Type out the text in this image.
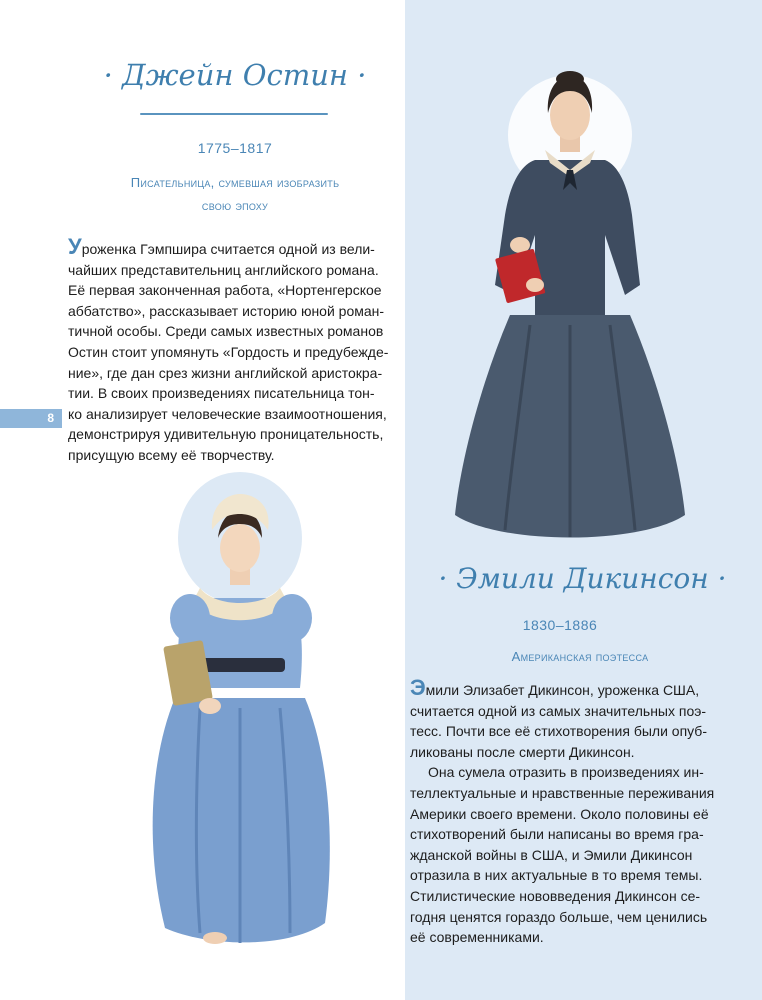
· Джейн Остин ·
1775–1817
Писательница, сумевшая изобразить
свою эпоху

Уроженка Гэмпшира считается одной из вели-
чайших представительниц английского романа.
Её первая законченная работа, «Нортенгерское
аббатство», рассказывает историю юной роман-
тичной особы. Среди самых известных романов
Остин стоит упомянуть «Гордость и предубежде-
ние», где дан срез жизни английской аристокра-
тии. В своих произведениях писательница тон-
ко анализирует человеческие взаимоотношения,
демонстрируя удивительную проницательность,
присущую всему её творчеству.

8
· Эмили Дикинсон ·
1830–1886
Американская поэтесса

Эмили Элизабет Дикинсон, уроженка США,
считается одной из самых значительных поэ-
тесс. Почти все её стихотворения были опуб-
ликованы после смерти Дикинсон.

Она сумела отразить в произведениях ин-
теллектуальные и нравственные переживания
Америки своего времени. Около половины её
стихотворений были написаны во время гра-
жданской войны в США, и Эмили Дикинсон
отразила в них актуальные в то время темы.
Стилистические нововведения Дикинсон се-
годня ценятся гораздо больше, чем ценились
её современниками.
